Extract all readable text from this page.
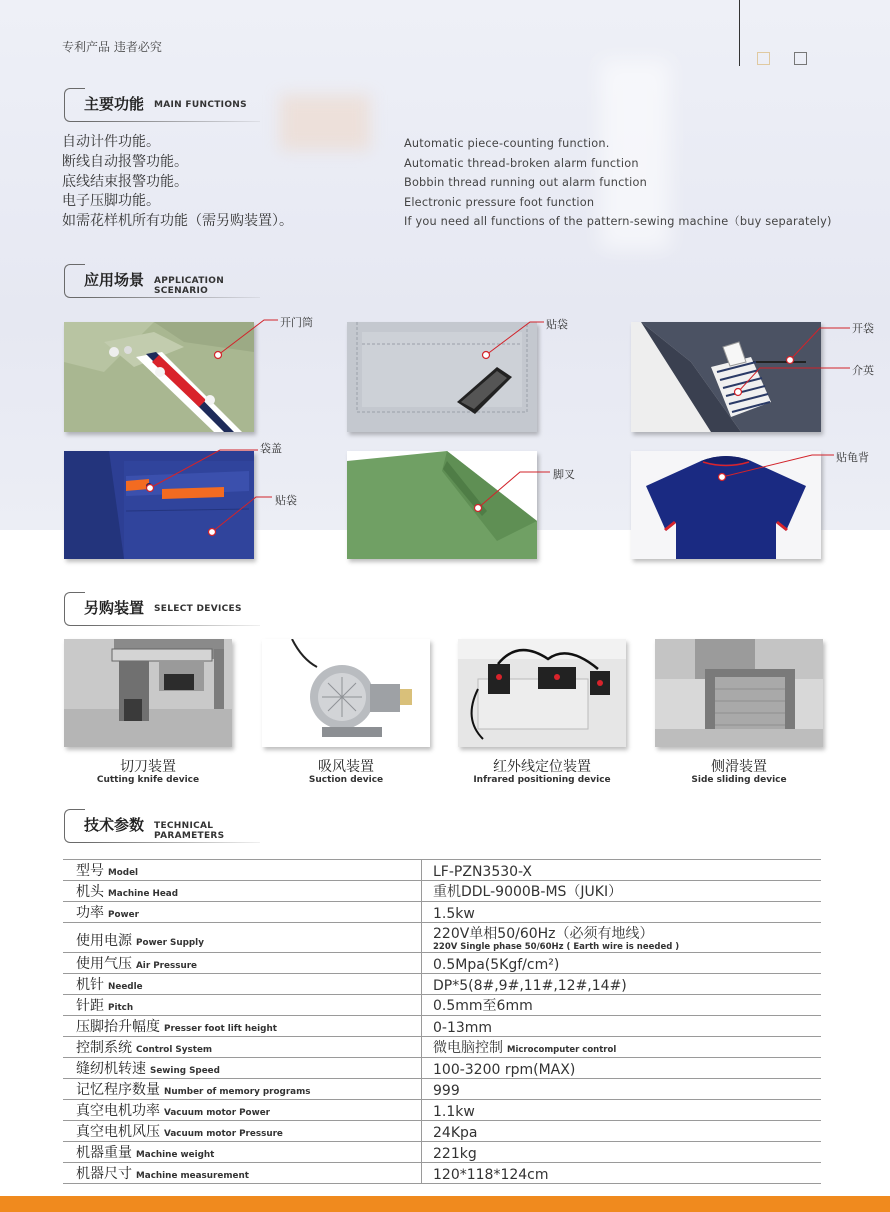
专利产品 违者必究
主要功能 MAIN FUNCTIONS
自动计件功能。
断线自动报警功能。
底线结束报警功能。
电子压脚功能。
如需花样机所有功能（需另购装置）。
Automatic piece-counting function.
Automatic thread-broken alarm function
Bobbin thread running out alarm function
Electronic pressure foot function
If you need all functions of the pattern-sewing machine（buy separately)
应用场景 APPLICATION SCENARIO
开门筒	贴袋	开袋
介英
袋盖
贴袋
脚叉
贴龟背
另购装置 SELECT DEVICES
切刀装置
Cutting knife device
吸风装置
Suction device
红外线定位装置
Infrared positioning device
侧滑装置
Side sliding device
技术参数 TECHNICAL PARAMETERS
型号 Model	LF-PZN3530-X
机头 Machine Head	重机DDL-9000B-MS（JUKI）
功率 Power	1.5kw
使用电源 Power Supply	220V单相50/60Hz（必须有地线）
220V Single phase 50/60Hz ( Earth wire is needed )

使用气压 Air Pressure	0.5Mpa(5Kgf/cm²)
机针 Needle	DP*5(8#,9#,11#,12#,14#)
针距 Pitch	0.5mm至6mm
压脚抬升幅度 Presser foot lift height	0-13mm
控制系统 Control System	微电脑控制 Microcomputer control
缝纫机转速 Sewing Speed	100-3200 rpm(MAX)
记忆程序数量 Number of memory programs	999
真空电机功率 Vacuum motor Power	1.1kw
真空电机风压 Vacuum motor Pressure	24Kpa
机器重量 Machine weight	221kg
机器尺寸 Machine measurement	120*118*124cm
